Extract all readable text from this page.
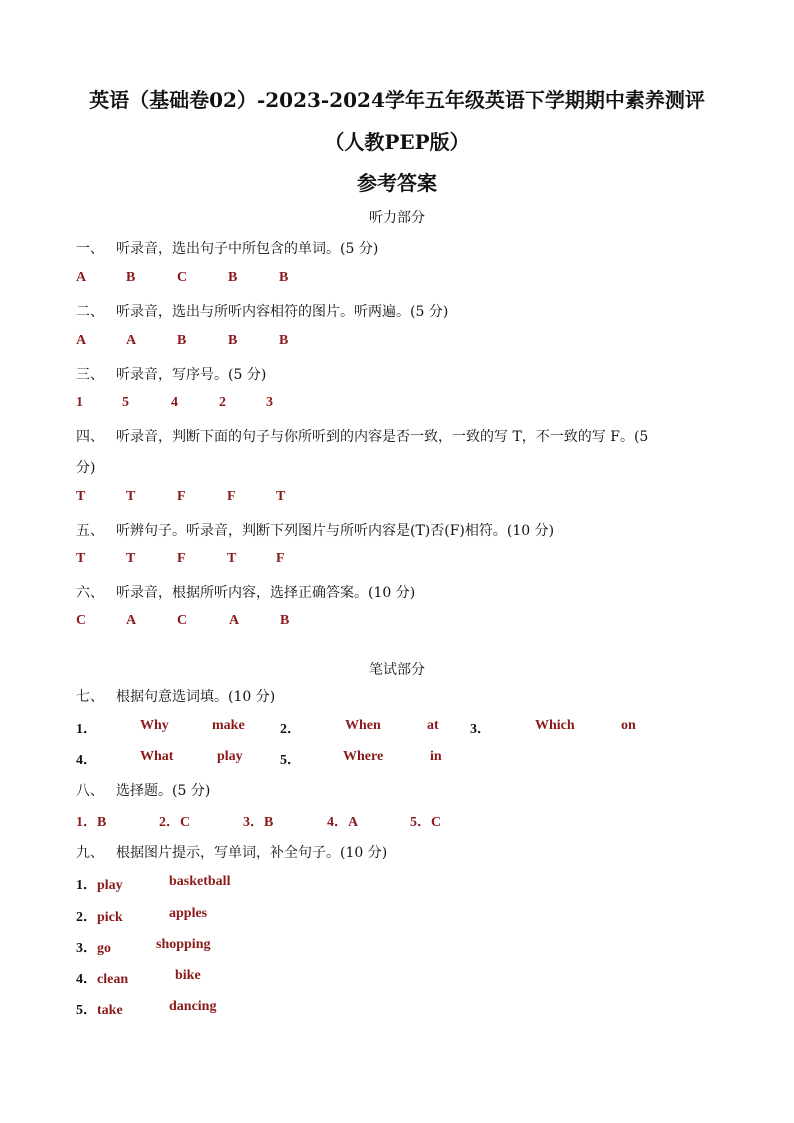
英语（基础卷02）-2023-2024学年五年级英语下学期期中素养测评
（人教PEP版）
参考答案
听力部分
一、 听录音，选出句子中所包含的单词。(5 分)
A	B	C	B	B
二、 听录音，选出与所听内容相符的图片。听两遍。(5 分)
A	A	B	B	B
三、 听录音，写序号。(5 分)
1	5	4	2	3
四、 听录音，判断下面的句子与你所听到的内容是否一致，一致的写 T，不一致的写 F。(5
分)
T	T	F	F	T
五、 听辨句子。听录音，判断下列图片与所听内容是(T)否(F)相符。(10 分)
T	T	F	T	F
六、 听录音，根据所听内容，选择正确答案。(10 分)
C	A	C	A	B
笔试部分
七、 根据句意选词填。(10 分)
1．	Why	make	2．	When	at 3．	Which	on
4．	What	play	5．	Where	in
八、 选择题。(5 分)
1．B	2．C	3．B	4．A	5．C
九、 根据图片提示，写单词，补全句子。(10 分)
1．play	basketball
2．pick	apples
3．go	shopping
4．clean	bike
5．take	dancing
